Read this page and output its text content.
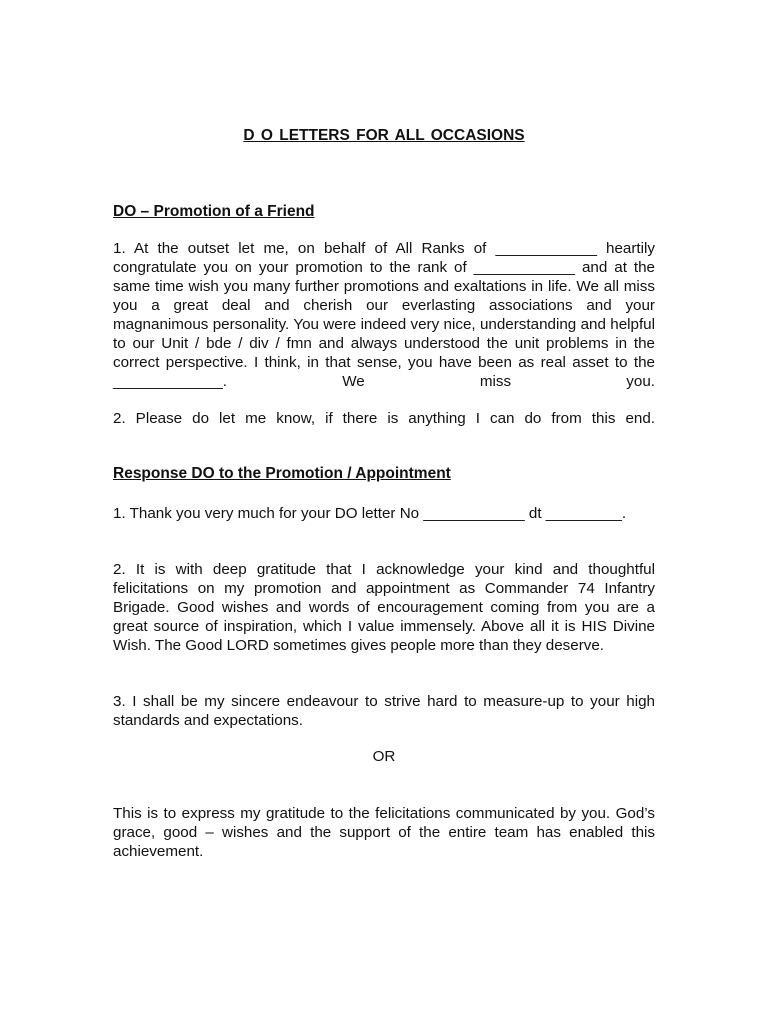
D O LETTERS FOR ALL OCCASIONS
DO – Promotion of a Friend

1. At the outset let me, on behalf of All Ranks of ____________ heartily congratulate you on your promotion to the rank of ____________ and at the same time wish you many further promotions and exaltations in life. We all miss you a great deal and cherish our everlasting associations and your magnanimous personality. You were indeed very nice, understanding and helpful to our Unit / bde / div / fmn and always understood the unit problems in the correct perspective. I think, in that sense, you have been as real asset to the _____________. We miss you.

2. Please do let me know, if there is anything I can do from this end.

Response DO to the Promotion / Appointment

1. Thank you very much for your DO letter No ____________ dt _________.

2. It is with deep gratitude that I acknowledge your kind and thoughtful felicitations on my promotion and appointment as Commander 74 Infantry Brigade. Good wishes and words of encouragement coming from you are a great source of inspiration, which I value immensely. Above all it is HIS Divine Wish. The Good LORD sometimes gives people more than they deserve.

3. I shall be my sincere endeavour to strive hard to measure-up to your high standards and expectations.

OR

This is to express my gratitude to the felicitations communicated by you. God’s grace, good – wishes and the support of the entire team has enabled this achievement.
